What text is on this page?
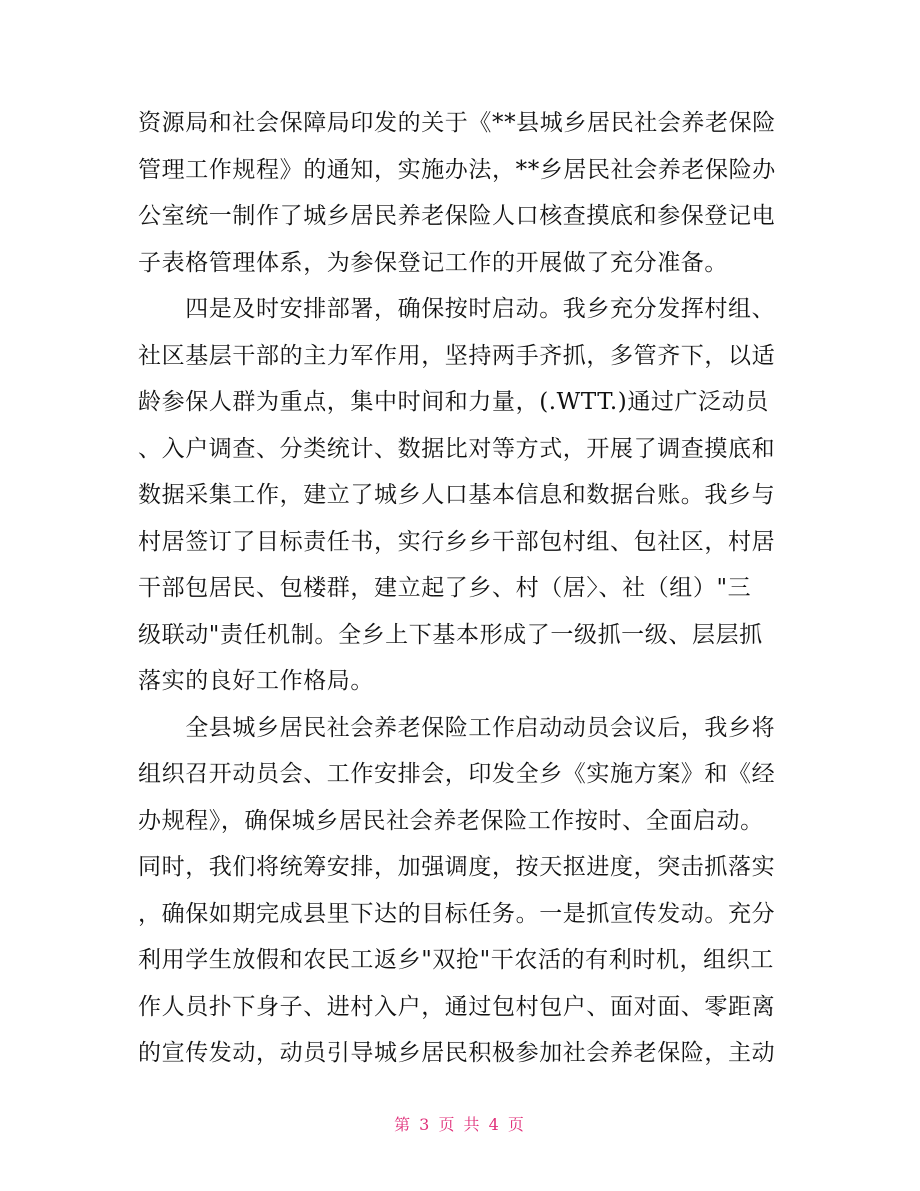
资源局和社会保障局印发的关于《**县城乡居民社会养老保险
管理工作规程》的通知，实施办法，**乡居民社会养老保险办
公室统一制作了城乡居民养老保险人口核查摸底和参保登记电
子表格管理体系，为参保登记工作的开展做了充分准备。
　　四是及时安排部署，确保按时启动。我乡充分发挥村组、
社区基层干部的主力军作用，坚持两手齐抓，多管齐下，以适
龄参保人群为重点，集中时间和力量，(.WTT.)通过广泛动员
、入户调查、分类统计、数据比对等方式，开展了调查摸底和
数据采集工作，建立了城乡人口基本信息和数据台账。我乡与
村居签订了目标责任书，实行乡乡干部包村组、包社区，村居
干部包居民、包楼群，建立起了乡、村（居〉、社（组）"三
级联动"责任机制。全乡上下基本形成了一级抓一级、层层抓
落实的良好工作格局。
　　全县城乡居民社会养老保险工作启动动员会议后，我乡将
组织召开动员会、工作安排会，印发全乡《实施方案》和《经
办规程》，确保城乡居民社会养老保险工作按时、全面启动。
同时，我们将统筹安排，加强调度，按天抠进度，突击抓落实
，确保如期完成县里下达的目标任务。一是抓宣传发动。充分
利用学生放假和农民工返乡"双抢"干农活的有利时机，组织工
作人员扑下身子、进村入户，通过包村包户、面对面、零距离
的宣传发动，动员引导城乡居民积极参加社会养老保险，主动
第 3 页 共 4 页
